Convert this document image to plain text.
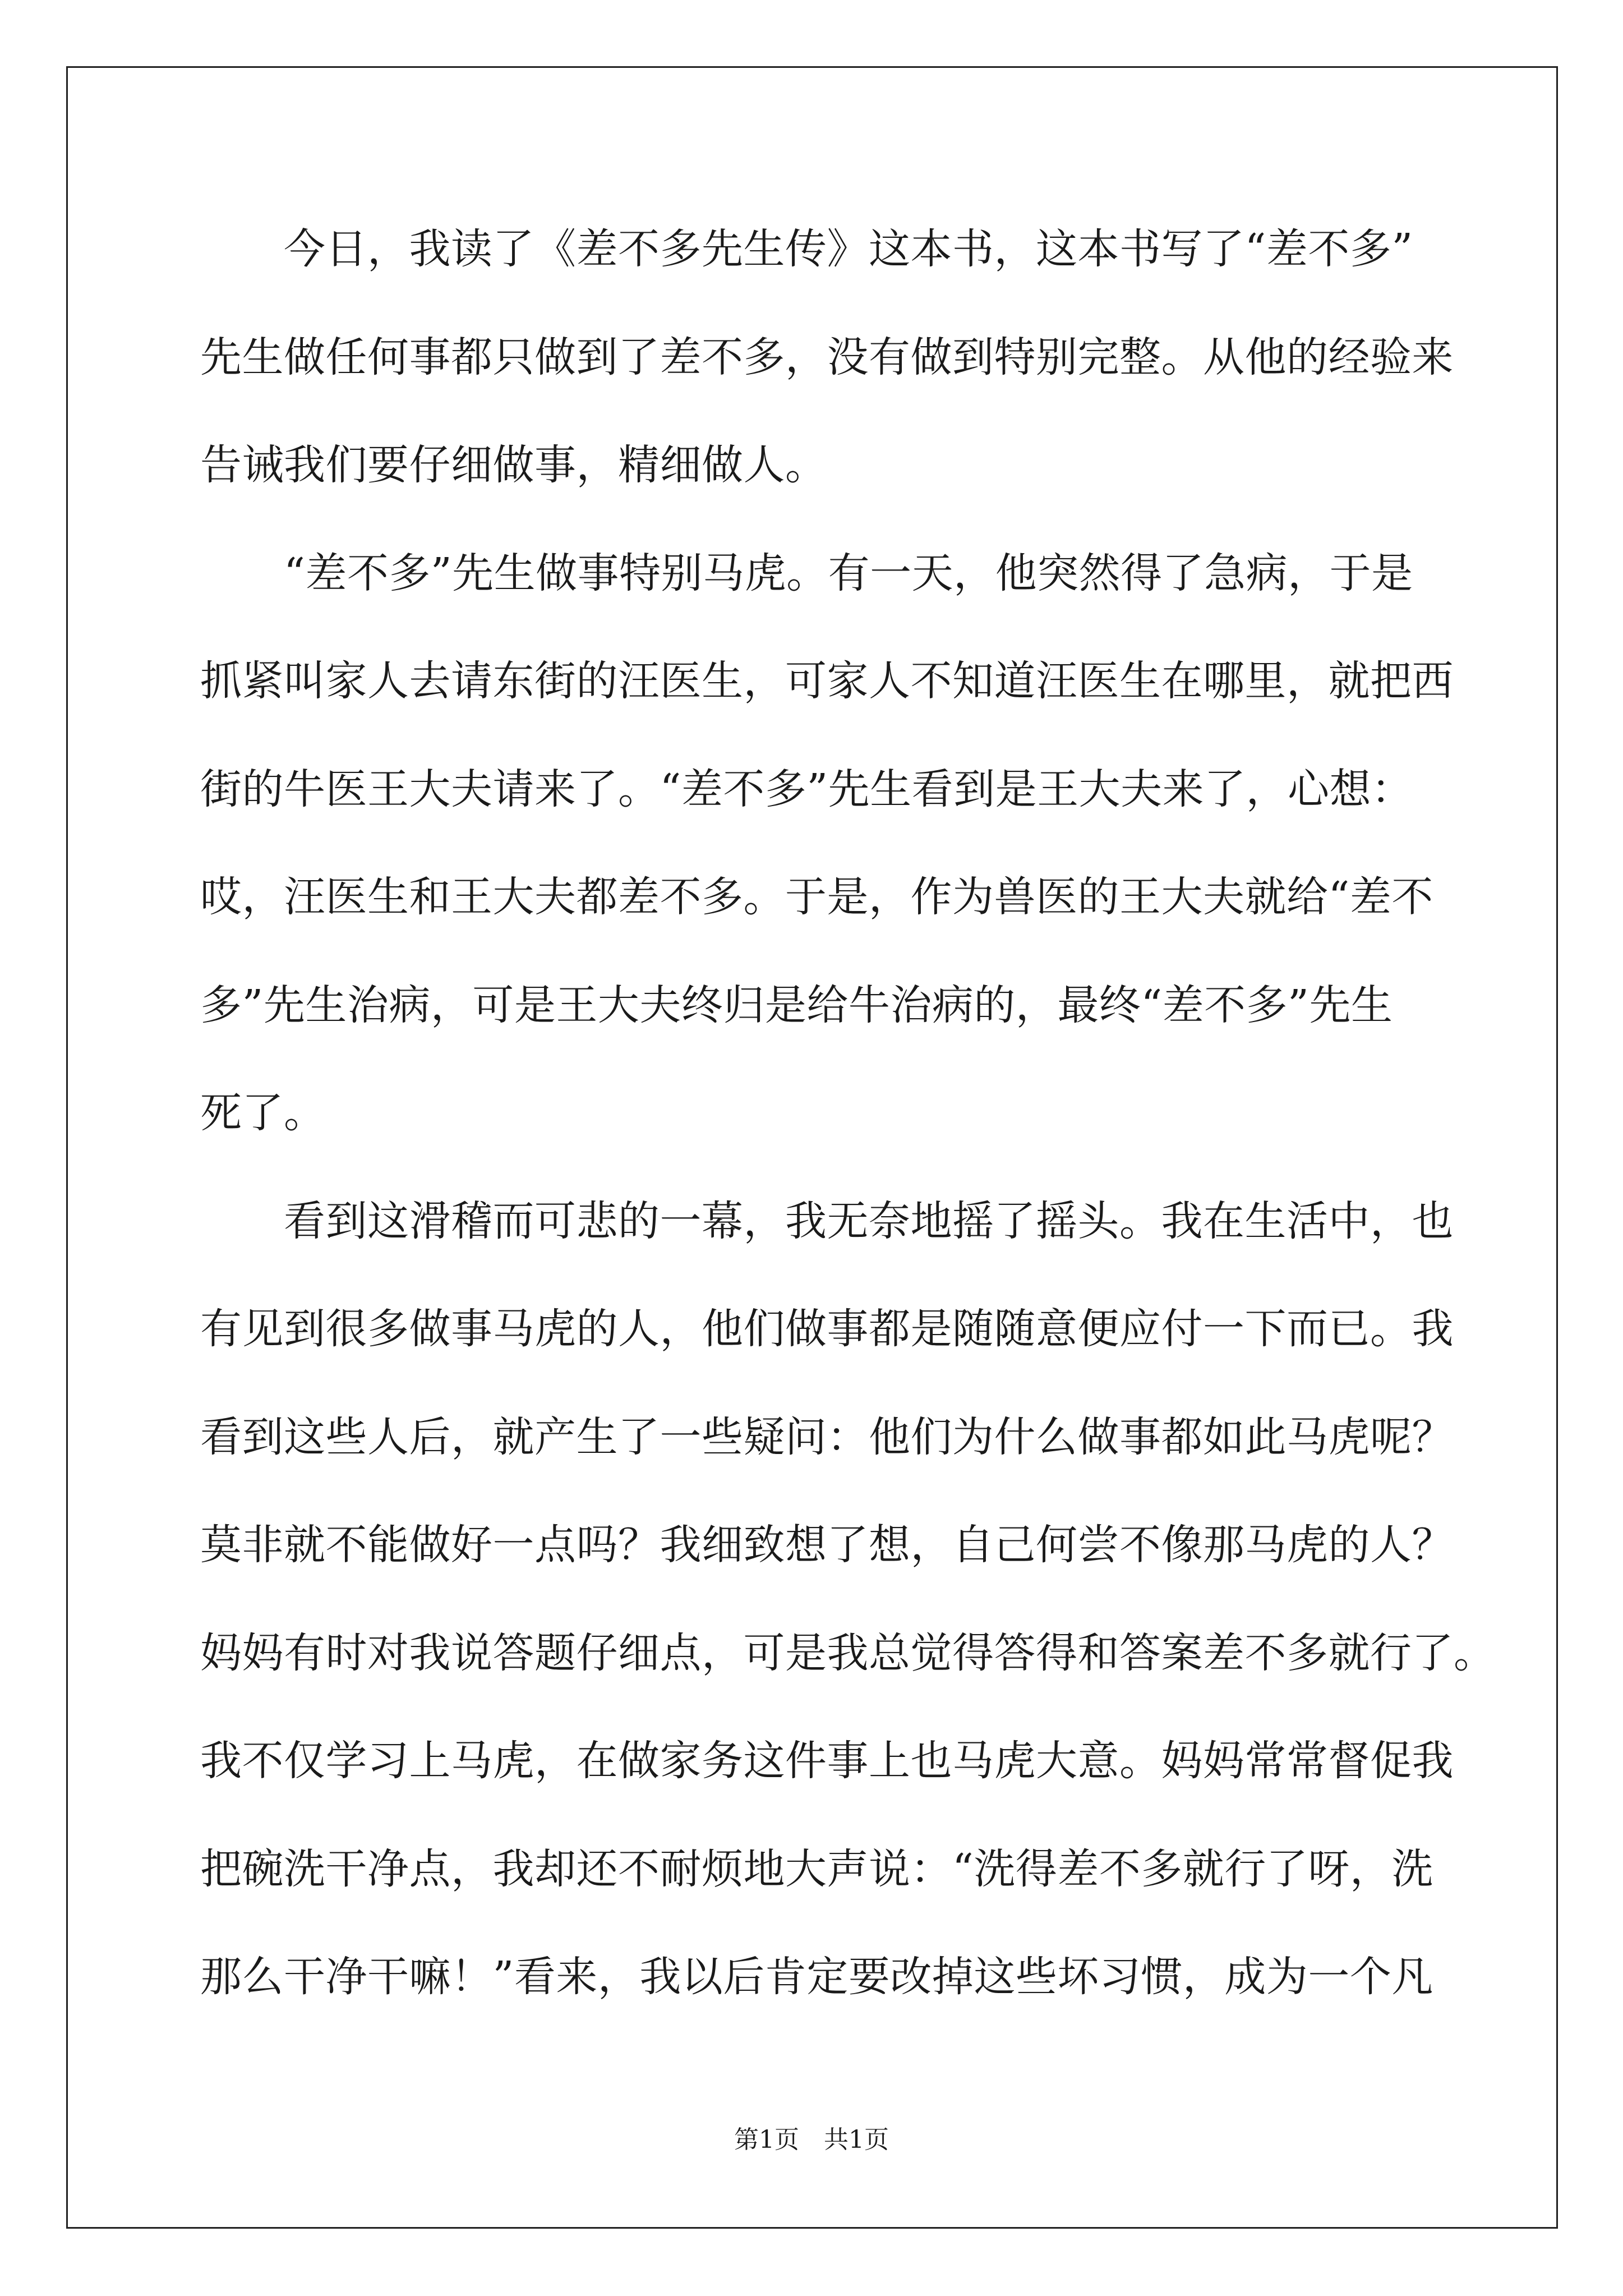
　　今日，我读了《差不多先生传》这本书，这本书写了“差不多”
先生做任何事都只做到了差不多，没有做到特别完整。从他的经验来
告诫我们要仔细做事，精细做人。
　　“差不多”先生做事特别马虎。有一天，他突然得了急病，于是
抓紧叫家人去请东街的汪医生，可家人不知道汪医生在哪里，就把西
街的牛医王大夫请来了。“差不多”先生看到是王大夫来了，心想：
哎，汪医生和王大夫都差不多。于是，作为兽医的王大夫就给“差不
多”先生治病，可是王大夫终归是给牛治病的，最终“差不多”先生
死了。
　　看到这滑稽而可悲的一幕，我无奈地摇了摇头。我在生活中，也
有见到很多做事马虎的人，他们做事都是随随意便应付一下而已。我
看到这些人后，就产生了一些疑问：他们为什么做事都如此马虎呢？
莫非就不能做好一点吗？我细致想了想，自己何尝不像那马虎的人？
妈妈有时对我说答题仔细点，可是我总觉得答得和答案差不多就行了。
我不仅学习上马虎，在做家务这件事上也马虎大意。妈妈常常督促我
把碗洗干净点，我却还不耐烦地大声说：“洗得差不多就行了呀，洗
那么干净干嘛！”看来，我以后肯定要改掉这些坏习惯，成为一个凡
第1页　共1页
